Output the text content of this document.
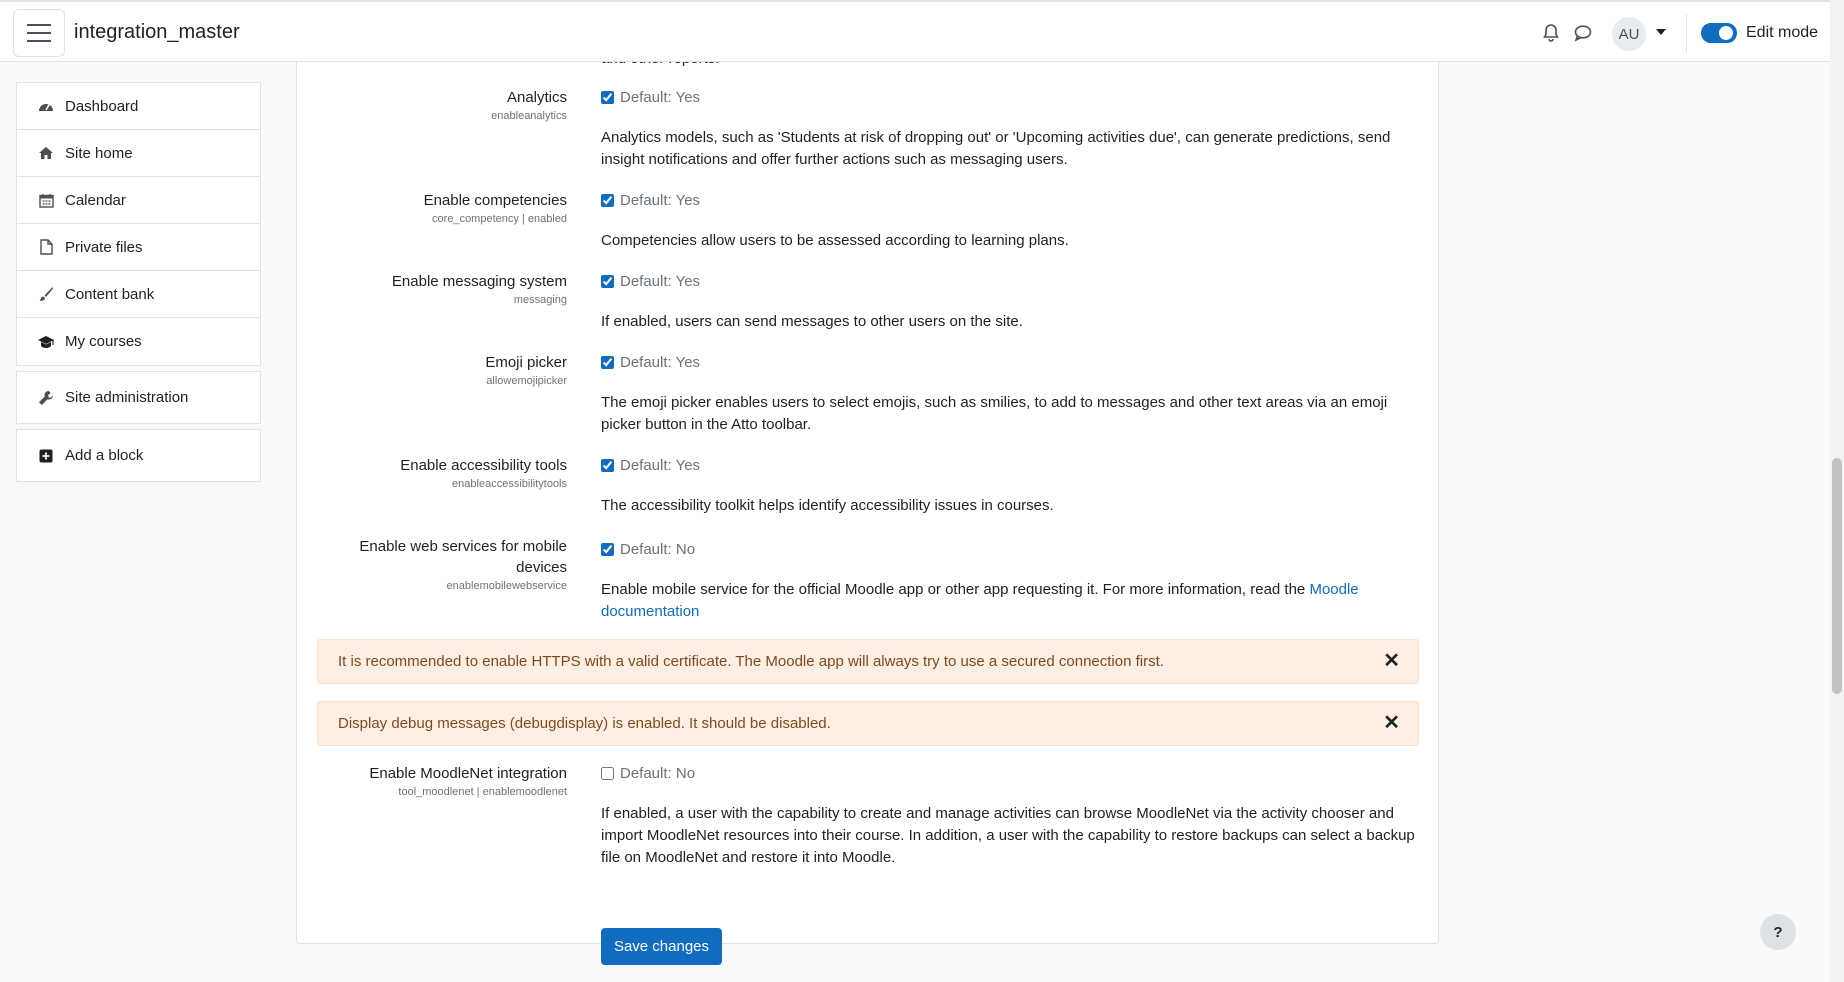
integration_master	AU	Edit mode
Dashboard
Site home
Calendar
Private files
Content bank
My courses
Site administration
Add a block
Analytics
enableanalytics
Default: Yes
Analytics models, such as 'Students at risk of dropping out' or 'Upcoming activities due', can generate predictions, send insight notifications and offer further actions such as messaging users.
Enable competencies
core_competency | enabled
Default: Yes
Competencies allow users to be assessed according to learning plans.
Enable messaging system
messaging
Default: Yes
If enabled, users can send messages to other users on the site.
Emoji picker
allowemojipicker
Default: Yes
The emoji picker enables users to select emojis, such as smilies, to add to messages and other text areas via an emoji picker button in the Atto toolbar.
Enable accessibility tools
enableaccessibilitytools
Default: Yes
The accessibility toolkit helps identify accessibility issues in courses.
Enable web services for mobile devices
enablemobilewebservice
Default: No
Enable mobile service for the official Moodle app or other app requesting it. For more information, read the Moodle documentation
It is recommended to enable HTTPS with a valid certificate. The Moodle app will always try to use a secured connection first.	✕
Display debug messages (debugdisplay) is enabled. It should be disabled.	✕
Enable MoodleNet integration
tool_moodlenet | enablemoodlenet
Default: No
If enabled, a user with the capability to create and manage activities can browse MoodleNet via the activity chooser and import MoodleNet resources into their course. In addition, a user with the capability to restore backups can select a backup file on MoodleNet and restore it into Moodle.
Save changes
?
